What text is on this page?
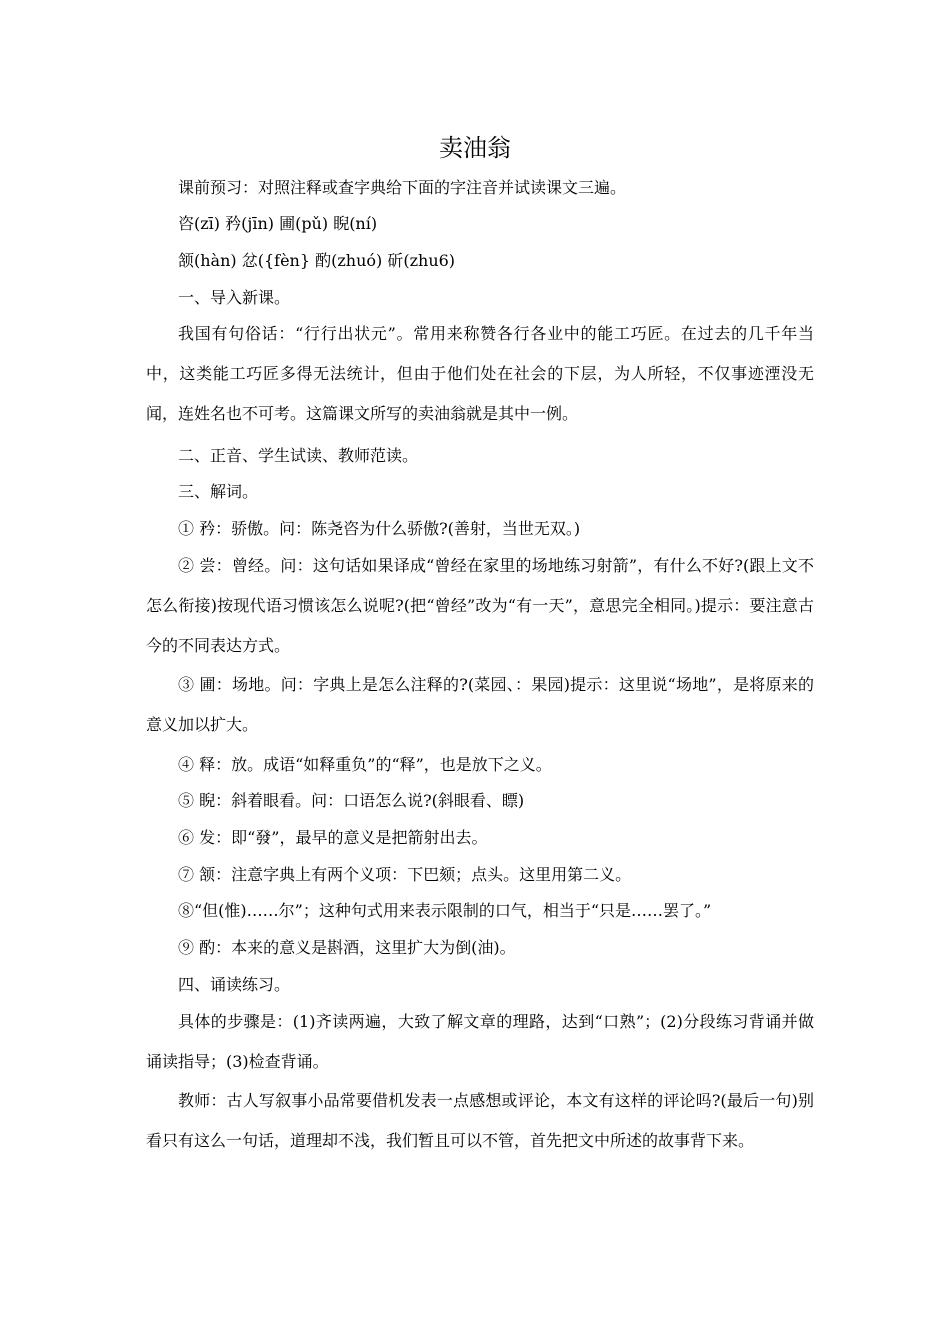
卖油翁

课前预习：对照注释或查字典给下面的字注音并试读课文三遍。

咨(zī) 矜(jīn) 圃(pǔ) 睨(ní)

颔(hàn) 忿({fèn} 酌(zhuó) 斫(zhu6)

一、导入新课。

我国有句俗话：“行行出状元”。常用来称赞各行各业中的能工巧匠。在过去的几千年当中，这类能工巧匠多得无法统计，但由于他们处在社会的下层，为人所轻，不仅事迹湮没无闻，连姓名也不可考。这篇课文所写的卖油翁就是其中一例。

二、正音、学生试读、教师范读。

三、解词。

① 矜：骄傲。问：陈尧咨为什么骄傲?(善射，当世无双。)

② 尝：曾经。问：这句话如果译成“曾经在家里的场地练习射箭”，有什么不好?(跟上文不怎么衔接)按现代语习惯该怎么说呢?(把“曾经”改为“有一天”，意思完全相同。)提示：要注意古今的不同表达方式。

③ 圃：场地。问：字典上是怎么注释的?(菜园、：果园)提示：这里说“场地”，是将原来的意义加以扩大。

④ 释：放。成语“如释重负”的“释”，也是放下之义。

⑤ 睨：斜着眼看。问：口语怎么说?(斜眼看、瞟)

⑥ 发：即“發”，最早的意义是把箭射出去。

⑦ 颔：注意字典上有两个义项：下巴颏；点头。这里用第二义。

⑧“但(惟)……尔”；这种句式用来表示限制的口气，相当于“只是……罢了。”

⑨ 酌：本来的意义是斟酒，这里扩大为倒(油)。

四、诵读练习。

具体的步骤是：(1)齐读两遍，大致了解文章的理路，达到“口熟”；(2)分段练习背诵并做诵读指导；(3)检查背诵。

教师：古人写叙事小品常要借机发表一点感想或评论，本文有这样的评论吗?(最后一句)别看只有这么一句话，道理却不浅，我们暂且可以不管，首先把文中所述的故事背下来。
